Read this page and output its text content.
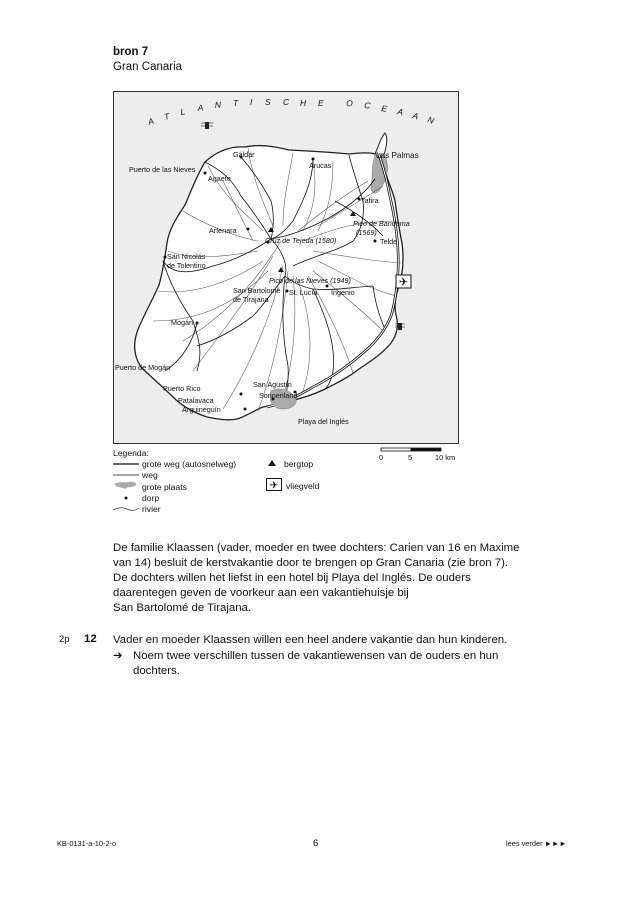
bron 7
Gran Canaria
A T L A N T I S C H E	O C E A A N
✈
Gáldar
Arucas
Las Palmas
Puerto de las Nieves
Agaete
Tafira
Pico de Bandama
(1569)
Artenara
Cruz de Tejeda (1580)	Telde
San Nicolás
de Tolentino
Pico de las Nieves (1949)
San Bartolomé
de Tirajana
St. Lucía Ingenio
Mogán
Puerto de Mogán
San Agustín
Puerto Rico
Sonnenland
Patalavaca
Arguineguín
Playa del Inglés
0	5	10 km
Legenda:
grote weg (autosnelweg)
weg
grote plaats
dorp
rivier
bergtop
✈ vliegveld
De familie Klaassen (vader, moeder en twee dochters: Carien van 16 en Maxime
van 14) besluit de kerstvakantie door te brengen op Gran Canaria (zie bron 7).
De dochters willen het liefst in een hotel bij Playa del Inglés. De ouders
daarentegen geven de voorkeur aan een vakantiehuisje bij
San Bartolomé de Tirajana.
2p 12 Vader en moeder Klaassen willen een heel andere vakantie dan hun kinderen.
➔ Noem twee verschillen tussen de vakantiewensen van de ouders en hun
dochters.
KB-0131-a-10-2-o	6	lees verder ►►►
